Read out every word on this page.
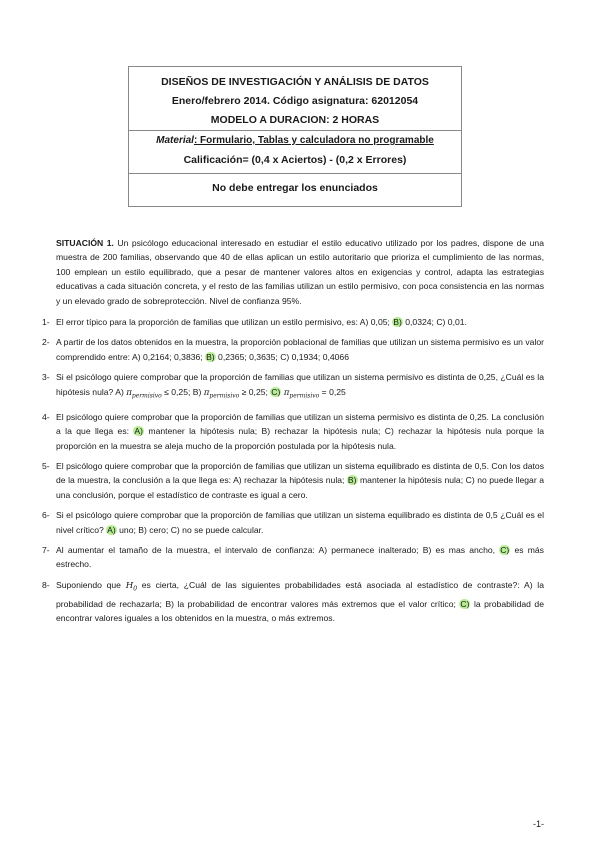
DISEÑOS DE INVESTIGACIÓN Y ANÁLISIS DE DATOS
Enero/febrero 2014. Código asignatura: 62012054
MODELO A DURACION: 2 HORAS
Material: Formulario, Tablas y calculadora no programable
Calificación= (0,4 x Aciertos) - (0,2 x Errores)
No debe entregar los enunciados

SITUACIÓN 1. Un psicólogo educacional interesado en estudiar el estilo educativo utilizado por los padres, dispone de una muestra de 200 familias, observando que 40 de ellas aplican un estilo autoritario que prioriza el cumplimiento de las normas, 100 emplean un estilo equilibrado, que a pesar de mantener valores altos en exigencias y control, adapta las estrategias educativas a cada situación concreta, y el resto de las familias utilizan un estilo permisivo, con poca consistencia en las normas y un elevado grado de sobreprotección. Nivel de confianza 95%.

1- El error típico para la proporción de familias que utilizan un estilo permisivo, es: A) 0,05; B) 0,0324; C) 0,01.
2- A partir de los datos obtenidos en la muestra, la proporción poblacional de familias que utilizan un sistema permisivo es un valor comprendido entre: A) 0,2164; 0,3836; B) 0,2365; 0,3635; C) 0,1934; 0,4066
3- Si el psicólogo quiere comprobar que la proporción de familias que utilizan un sistema permisivo es distinta de 0,25, ¿Cuál es la hipótesis nula? A) $\pi_{permisivo} \le 0,25$; B) $\pi_{permisivo} \ge 0,25$; C) $\pi_{permisivo} = 0,25$
4- El psicólogo quiere comprobar que la proporción de familias que utilizan un sistema permisivo es distinta de 0,25. La conclusión a la que llega es: A) mantener la hipótesis nula; B) rechazar la hipótesis nula; C) rechazar la hipótesis nula porque la proporción en la muestra se aleja mucho de la proporción postulada por la hipótesis nula.
5- El psicólogo quiere comprobar que la proporción de familias que utilizan un sistema equilibrado es distinta de 0,5. Con los datos de la muestra, la conclusión a la que llega es: A) rechazar la hipótesis nula; B) mantener la hipótesis nula; C) no puede llegar a una conclusión, porque el estadístico de contraste es igual a cero.
6- Si el psicólogo quiere comprobar que la proporción de familias que utilizan un sistema equilibrado es distinta de 0,5 ¿Cuál es el nivel crítico? A) uno; B) cero; C) no se puede calcular.
7- Al aumentar el tamaño de la muestra, el intervalo de confianza: A) permanece inalterado; B) es mas ancho, C) es más estrecho.
8- Suponiendo que $H_0$ es cierta, ¿Cuál de las siguientes probabilidades está asociada al estadístico de contraste?: A) la probabilidad de rechazarla; B) la probabilidad de encontrar valores más extremos que el valor crítico; C) la probabilidad de encontrar valores iguales a los obtenidos en la muestra, o más extremos.
-1-
